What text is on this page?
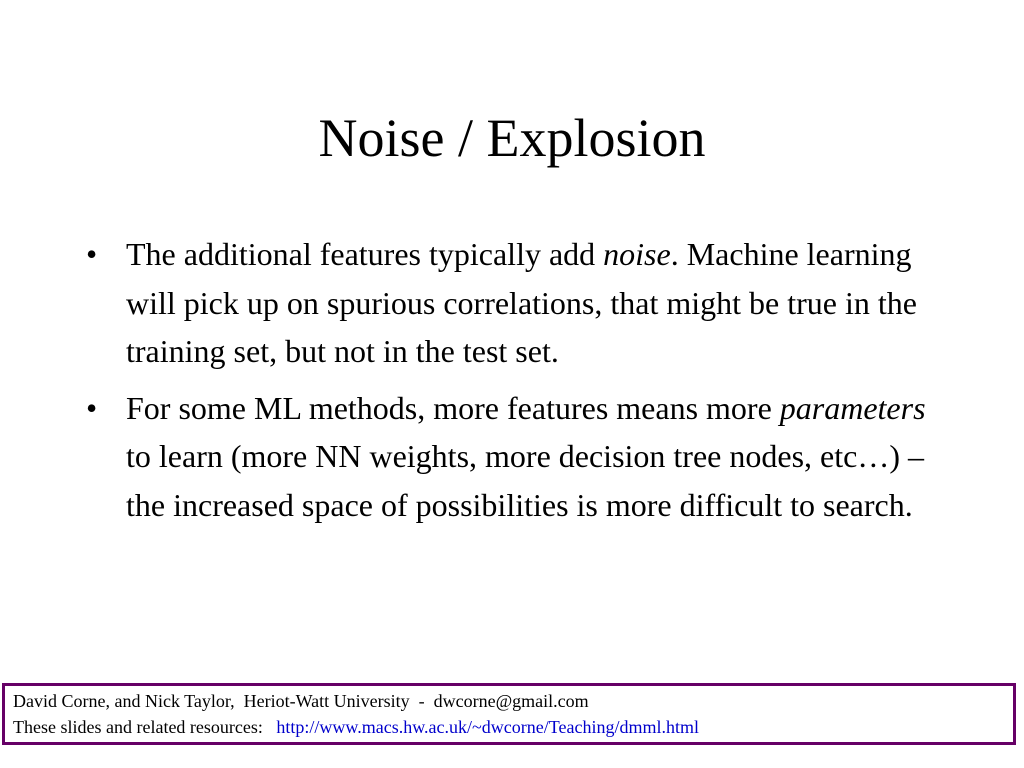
Noise / Explosion
• The additional features typically add noise. Machine learning will pick up on spurious correlations, that might be true in the training set, but not in the test set.
• For some ML methods, more features means more parameters to learn (more NN weights, more decision tree nodes, etc…) – the increased space of possibilities is more difficult to search.
David Corne, and Nick Taylor,  Heriot-Watt University  -  dwcorne@gmail.com
These slides and related resources:   http://www.macs.hw.ac.uk/~dwcorne/Teaching/dmml.html
